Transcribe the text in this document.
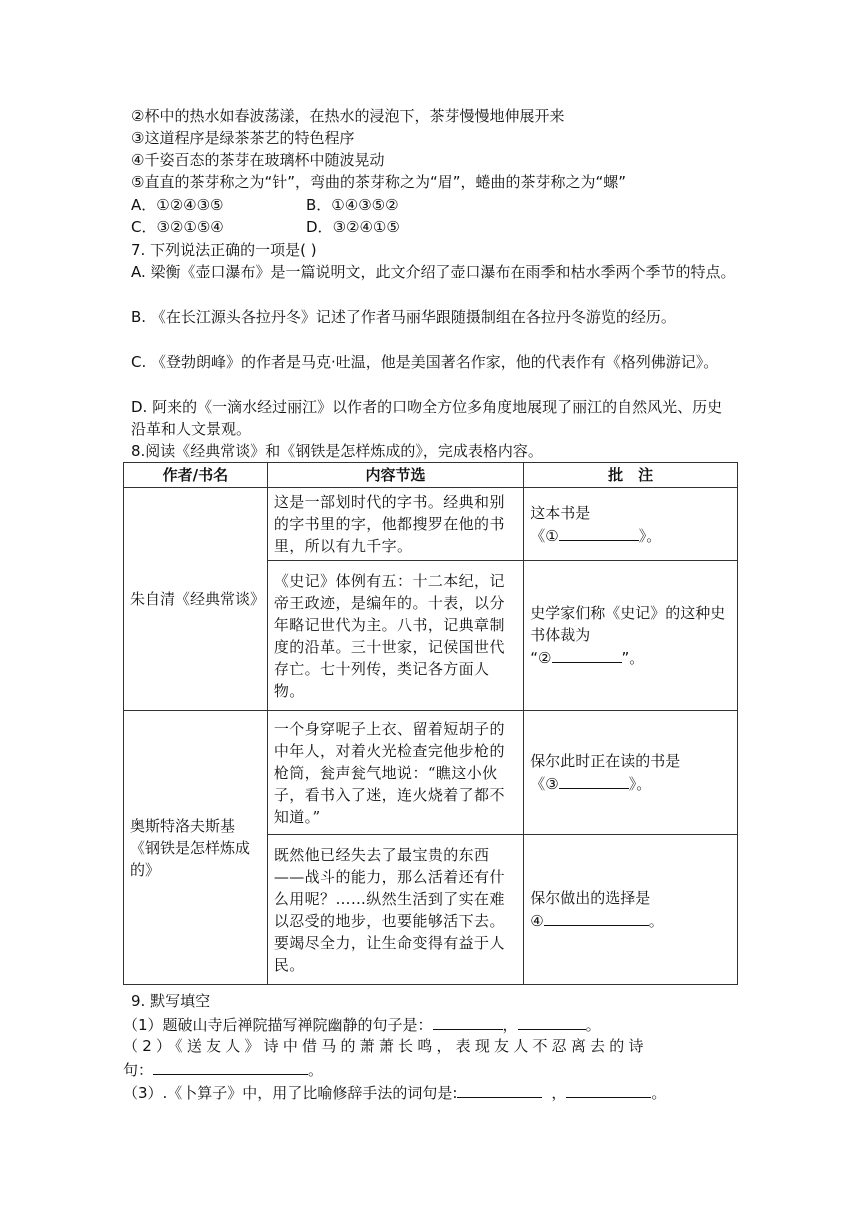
②杯中的热水如春波荡漾，在热水的浸泡下，茶芽慢慢地伸展开来
③这道程序是绿茶茶艺的特色程序
④千姿百态的茶芽在玻璃杯中随波晃动
⑤直直的茶芽称之为“针”，弯曲的茶芽称之为“眉”，蜷曲的茶芽称之为“螺”
A．①②④③⑤	B．①④③⑤②
C．③②①⑤④	D．③②④①⑤
7. 下列说法正确的一项是( )
A. 梁衡《壶口瀑布》是一篇说明文，此文介绍了壶口瀑布在雨季和枯水季两个季节的特点。
B. 《在长江源头各拉丹冬》记述了作者马丽华跟随摄制组在各拉丹冬游览的经历。
C. 《登勃朗峰》的作者是马克·吐温，他是美国著名作家，他的代表作有《格列佛游记》。
D. 阿来的《一滴水经过丽江》以作者的口吻全方位多角度地展现了丽江的自然风光、历史沿革和人文景观。
8.阅读《经典常谈》和《钢铁是怎样炼成的》，完成表格内容。
作者/书名	内容节选	批　注
朱自清《经典常谈》	这是一部划时代的字书。经典和别的字书里的字，他都搜罗在他的书里，所以有九千字。	这本书是
《① 》。
	《史记》体例有五：十二本纪，记帝王政迹，是编年的。十表，以分年略记世代为主。八书，记典章制度的沿革。三十世家，记侯国世代存亡。七十列传，类记各方面人物。	史学家们称《史记》的这种史书体裁为
“② ”。
奥斯特洛夫斯基《钢铁是怎样炼成的》	一个身穿呢子上衣、留着短胡子的中年人，对着火光检查完他步枪的枪筒，瓮声瓮气地说：“瞧这小伙子，看书入了迷，连火烧着了都不知道。”	保尔此时正在读的书是
《③ 》。
	既然他已经失去了最宝贵的东西——战斗的能力，那么活着还有什么用呢？……纵然生活到了实在难以忍受的地步，也要能够活下去。要竭尽全力，让生命变得有益于人民。	保尔做出的选择是
④ 。
9. 默写填空
（1）题破山寺后禅院描写禅院幽静的句子是：	，	。
（2）《送友人》诗中借马的萧萧长鸣，表现友人不忍离去的诗
句：	。
（3）.《卜算子》中，用了比喻修辞手法的词句是:	，	。
